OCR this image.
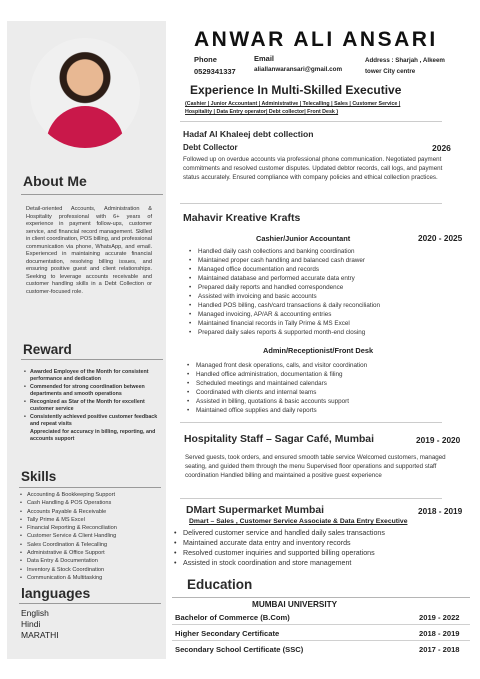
About Me
Detail-oriented Accounts, Administration & Hospitality professional with 6+ years of experience in payment follow-ups, customer service, and financial record management. Skilled in client coordination, POS billing, and professional communication via phone, WhatsApp, and email. Experienced in maintaining accurate financial documentation, resolving billing issues, and ensuring positive guest and client relationships. Seeking to leverage accounts receivable and customer handling skills in a Debt Collection or customer-focused role.
Reward
• Awarded Employee of the Month for consistent performance and dedication
• Commended for strong coordination between departments and smooth operations
• Recognized as Star of the Month for excellent customer service
• Consistently achieved positive customer feedback and repeat visits
Appreciated for accuracy in billing, reporting, and accounts support
Skills
• Accounting & Bookkeeping Support
• Cash Handling & POS Operations
• Accounts Payable & Receivable
• Tally Prime & MS Excel
• Financial Reporting & Reconciliation
• Customer Service & Client Handling
• Sales Coordination & Telecalling
• Administrative & Office Support
• Data Entry & Documentation
• Inventory & Stock Coordination
• Communication & Multitasking
languages
English
Hindi
MARATHI
ANWAR ALI ANSARI
Phone
0529341337
Email
aliallanwaransari@gmail.com
Address : Sharjah , Alkeem
tower City centre
Experience In Multi-Skilled Executive
(Cashier | Junior Accountant | Administrative | Telecalling | Sales | Customer Service | Hospitality | Data Entry operator| Debt collector| Front Desk )
Hadaf Al Khaleej debt collection
Debt Collector	2026
Followed up on overdue accounts via professional phone communication. Negotiated payment commitments and resolved customer disputes. Updated debtor records, call logs, and payment status accurately. Ensured compliance with company policies and ethical collection practices.
Mahavir Kreative Krafts
Cashier/Junior Accountant	2020 - 2025
• Handled daily cash collections and banking coordination
• Maintained proper cash handling and balanced cash drawer
• Managed office documentation and records
• Maintained database and performed accurate data entry
• Prepared daily reports and handled correspondence
• Assisted with invoicing and basic accounts
• Handled POS billing, cash/card transactions & daily reconciliation
• Managed invoicing, AP/AR & accounting entries
• Maintained financial records in Tally Prime & MS Excel
• Prepared daily sales reports & supported month-end closing
Admin/Receptionist/Front Desk
• Managed front desk operations, calls, and visitor coordination
• Handled office administration, documentation & filing
• Scheduled meetings and maintained calendars
• Coordinated with clients and internal teams
• Assisted in billing, quotations & basic accounts support
• Maintained office supplies and daily reports
Hospitality Staff – Sagar Café, Mumbai	2019 - 2020
Served guests, took orders, and ensured smooth table service Welcomed customers, managed seating, and guided them through the menu Supervised floor operations and supported staff coordination Handled billing and maintained a positive guest experience
DMart Supermarket Mumbai	2018 - 2019
Dmart – Sales , Customer Service Associate & Data Entry Executive
• Delivered customer service and handled daily sales transactions
• Maintained accurate data entry and inventory records
• Resolved customer inquiries and supported billing operations
• Assisted in stock coordination and store management
Education
MUMBAI UNIVERSITY
Bachelor of Commerce (B.Com)	2019 - 2022
Higher Secondary Certificate	2018 - 2019
Secondary School Certificate (SSC)	2017 - 2018
